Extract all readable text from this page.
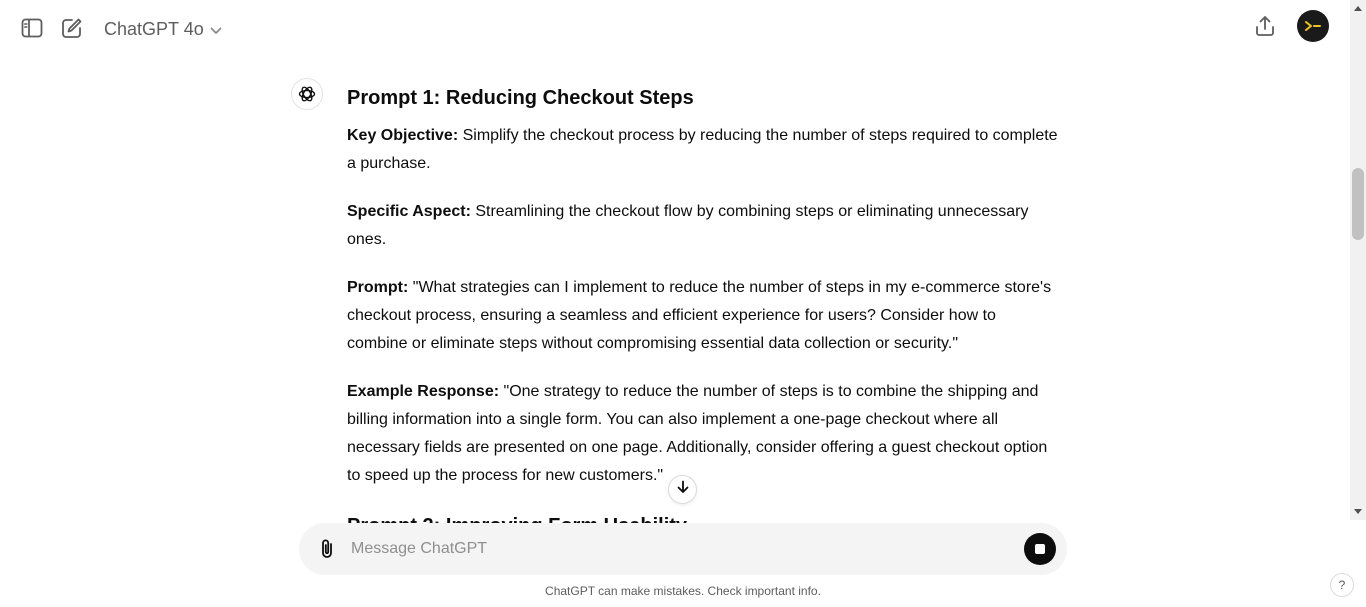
ChatGPT 4o
Prompt 1: Reducing Checkout Steps

Key Objective: Simplify the checkout process by reducing the number of steps required to complete a purchase.

Specific Aspect: Streamlining the checkout flow by combining steps or eliminating unnecessary ones.

Prompt: "What strategies can I implement to reduce the number of steps in my e-commerce store's checkout process, ensuring a seamless and efficient experience for users? Consider how to combine or eliminate steps without compromising essential data collection or security."

Example Response: "One strategy to reduce the number of steps is to combine the shipping and billing information into a single form. You can also implement a one-page checkout where all necessary fields are presented on one page. Additionally, consider offering a guest checkout option to speed up the process for new customers."

Message ChatGPT
ChatGPT can make mistakes. Check important info.	?
